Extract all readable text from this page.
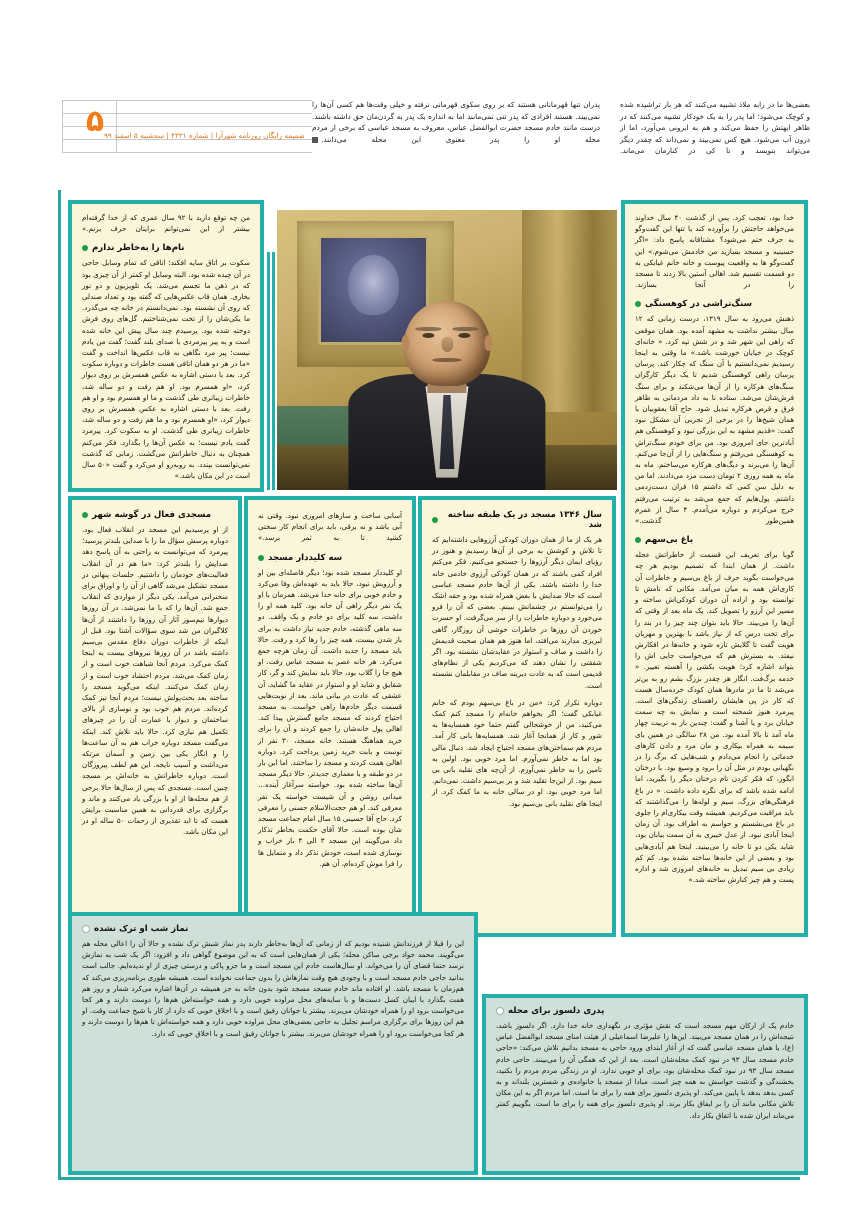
۵ ضمیمه رایگان روزنامه شهرآرا | شماره ۴۳۳۱ | سه‌شنبه ۵ اسفند ۹۹
پدران تنها قهرمانانی هستند که بر روی سکوی قهرمانی نرفته و خیلی وقت‌ها هم کسی آن‌ها را نمی‌بیند. هستند افرادی که پدر تنی نمی‌مانند اما به اندازه یک پدر به گردن‌مان حق داشته باشند. درست مانند خادم مسجد حضرت ابوالفضل عباس، معروف به مسجد عباسی که برخی از مردم محله او را پدر معنوی این محله می‌دانند.
بعضی‌ها ما در رابه ملاذ تشبیه می‌کنند که هر بار تراشیده شده و کوچک می‌شود؛ اما پدر را به یک خودکار تشبیه می‌کنند که در ظاهر ابهتش را حفظ می‌کند و هم به ابرونی می‌آورد، اما از درون آب می‌شود. هیچ کس نمی‌بیند و نمی‌داند که چقدر دیگر می‌تواند بنویسد و تا کی در کنارمان می‌ماند.

من چه توقع دارید با ۹۲ سال عمری که از خدا گرفته‌ام بیشتر از این نمی‌توانم برایتان حرف بزنم.»

نام‌ها را به‌خاطر ندارم

سکوت بر اتاق سایه افکند؛ اتاقی که تمام وسایل حاجی در آن چیده شده بود. البته وسایل او کمتر از آن چیزی بود که در ذهن ما تجسم می‌شد. یک تلویزیون و دو نور بخاری. همان قاب عکس‌هایی که گفته بود و تعداد صندلی که روی آن نشسته بود. نمی‌دانستم در خانه چه می‌گذرد. ما یکی‌شان را از تخت نمی‌شناختیم. گل‌های روی فرش دوخته شده بود. پرسیدم چند سال پیش این خانه شده است و به پیر پیرمردی با صدای بلند گفت؛ گفت من یادم نیست؛ پیر مرد نگاهی به قاب عکس‌ها انداخت و گفت «ما در هر دو همان اتاقی هست خاطرات و دوباره سکوت کرد. بعد با دستی اشاره به عکس همسرش بر روی دیوار کرد، «او همسرم بود. او هم رفت و دو ساله شد، خاطرات زیباتری طی گذشت و ما او همسرم بود و او هم رفت. بعد با دستی اشاره به عکس همسرش بر روی دیوار کرد، «او همسرم بود و ما هم رفت و دو ساله شد، خاطرات زیباتری طی گذشت. او به سکوت کرد. پیرمرد گفت یادم نیست؛ به عکس آن‌ها را بگذارد. فکر می‌کنم همچنان به دنبال خاطراتش می‌گشت. زمانی که گذشت نمی‌توانست بپندد. به روبه‌رو او می‌کرد و گفت «۵۰ سال است در این مکان باشد.»

خدا بود، تعجب کرد. پس از گذشت ۴۰ سال خداوند می‌خواهد حاجتش را برآورده کند یا تنها این گفت‌وگو به حرف ختم می‌شود؟ مشتاقانه پاسخ داد: «اگر حسینیه و مسجد بسازید من خادمش می‌شوم.» این گفت‌وگو ها به واقعیت پیوست و خانه خانم غیابکی به دو قسمت تقسیم شد. اهالی آستین بالا زدند تا مسجد را در آنجا بسازند.

سنگ‌تراشی در کوهسنگی

ذهنش می‌رود به سال ۱۳۱۹، درست زمانی که ۱۲ سال بیشتر نداشت به مشهد آمده بود. همان موقعی که راهی این شهر شد و در شش تپه کرد. « خانه‌ای کوچک در خیابان خورشت باشد.» ما وقتی به اینجا رسیدیم نمی‌دانستیم با آن سنگ که چکار کند. پرسان پرسان راهی کوهسنگی شدیم تا یک دیگر کارگران سنگ‌های هرکاره را از آن‌ها می‌شکند و برای سنگ فرش‌شان می‌شد. ستاده تا به داد مردمانی به ظاهر فرق و قرص هرکاره تبدیل شود. حاج آقا یعقوبیان یا همان شیخ‌ها را در برخی از تجربی آن مشکل نبود گفت: «قدیم مشهد به این بزرگی نبود و کوهسنگی هم آبادترین جای امروزی بود. من برای خودم سنگ‌تراش به کوهسنگی می‌رفتم و سنگ‌هایی را از آن‌جا می‌کنم. آن‌ها را می‌برند و دیگ‌های هرکاره می‌ساختم. ماه به ماه به همه روزی ۲ تومان دست مزد می‌دادند. اما من به دلیل سن کمی که داشتم ۱۵ قران دست‌زدمی داشتم. پول‌هایم که جمع می‌شد به ترتیب می‌رفتم خرج می‌کردم و دوباره می‌آمدم. ۴ سال از عمرم همین‌طور گذشت.»

باغ بی‌سهم

گویا برای تعریف این قسمت از خاطراتش عجله داشت. از همان ابتدا که تصمیم بودیم هر چه می‌خواست بگوید حرف از باغ بی‌سیم و خاطرات آن کاری‌اش همه به میان می‌آمد. مکانی که نامش تا توانسته بود و اراده آن دوران کودکی‌اش ساخته و مسیر این آرزو را تصویل کند. یک ماه بعد از وقتی که آن‌ها را می‌بیند. حالا باید بتوان چند چیز را در بند را برای تخت درس که از نیاز باشد با بهترین و مهربان هویت گفت تا گلایش تازه شود و خانه‌ها در افکارش نیفتد. به بسترش هم که می‌خواست جایی اش را بتواند اشاره کرد؛ هویت بکشی را آهسته تغییر. « خدمه برگ‌فت. انگار هر چقدر بزرگ بشم رو به ین‌تر می‌شد تا ما در مادرها همان کودک خرده‌سال هست که کار در پی هایشان راهستای زندگی‌های است. پیرمرد هنوز شمخته است و نمایش به چه سمت خیابان برد و یا آشنا و گفت: چندین بار به تربیت چهار ماه آمد تا بالا آمده بود. من ۲۸ سالگی در همین بای سیمه به همراه بیکاری و مان مرد و دادن کارهای خدماتی را انجام می‌دادم و شب‌هایی که برگ را در نگهبانی بودم در مثل آن را برود و وسیع بود. با درختان انگور، که فکر کردن تام درختان دیگر را بگیرید، اما ادامه شده باشد که برای نگره داده داشت. « در باغ فرهنگی‌های بزرگ، سیم و لوله‌ها را می‌گذاشتند که باید مراقبت می‌کردیم. همیشه وقت بیکاری‌ام را جلوی در باغ می‌نشستم و حواسم به اطراف بود. آن زمان اینجا آبادی نبود. از عدل خیبری به آن سمت بیابان بود، شاید یکی دو تا خانه را می‌بینید. اینجا هم آبادی‌هایی بود و بعضی از این خانه‌ها ساخته نشده بود. کم کم زیادی بی سیم تبدیل به خانه‌های امروزی شد و اداره پست‌ و هم چیز کنارش ساخته شد.»

سال ۱۳۴۶ مسجد در یک طبقه ساخته شد

هر یک از ما از همان دوران کودکی آرزوهایی داشته‌ایم که تا تلاش و کوشش به برخی از آن‌ها رسیدیم و هنوز در رؤیای ایمان دیگر آرزوها را جستجو می‌کنیم. فکر می‌کنم افراد کمی باشند که در همان کودکی آرزوی خادمی خانه خدا را داشته باشند. یکی از آن‌ها خادم مسجد عباسی است که حالا صدایش با بغض همراه شده بود و حقه اشک را می‌توانستم در چشمانش ببینم. بعضی که آن را فرو می‌خورد و دوباره خاطرات را از سر می‌گرفت. او حسرت خوردن آن روزها در خاطرات خوشی آن روزگار، گاهی لبریزی مدارند می‌افتد، اما هنوز هم همان صحبت قدیمش را داشت و صاف و استوار در عقایدشان نشسته بود. اگر شفقتی را نشان دهند که می‌کردیم یکی از نظام‌های قدیمی است که به عادت دیرینه صاف در مقابلمان نشسته است.

دوباره تکرار کرد: «من در باغ بی‌سهم بودم که خانم غیابکی گفت؛ اگر بخواهم خانه‌ام را مسجد کنم کمک می‌کنید، من از خوشحالی گفتم حتما خود همسایه‌ها به شور و کار از همانجا آغاز شد. همسایه‌ها بانی کار آمد. مردم هم سماختن‌های مسجد احتیاج ایجاد شد. دنبال مالی بود اما به خاطر نمی‌آورم. اما مرد خوبی بود. اولین به تامین را به خاطر نمی‌آورم. از آن‌چه های نقلیه بانی بی سیم بود. از این‌جا تقلید شد و بر بی‌سیم داشت. نمی‌دانم. اما مرد خوبی بود. او در سالی خانه به ما کمک کرد. از اینجا های نقلید بانی بی‌سیم بود.

آسانی ساخت و سازهای امروزی نبود. وقتی نه آبی باشد و نه برقی، باید برای انجام کار سختی کشید تا به ثمر برسد.»

سه کلیددار مسجد

او کلیددار مسجد شده بود؛ دیگر فاصله‌ای بین او و آرزویش نبود، حالا باید به عهده‌اش وفا می‌کرد و خادم خوبی برای خانه خدا می‌شد. همزمان با او یک نفر دیگر راهی آن خانه بود. کلید همه او را داشت، سه کلید برای دو خادم و یک واقف. دو سه ماهی گذشته، خادم جدید نیاز داشت به برای باز شدن بیست، همه چیز را رها کرد و رفت. حالا باید مسجد را جدید داشت. آن زمان هرچه جمع می‌کرد. هر خانه عصر به مسجد عباس رفت. او هیچ جا را گلاب بود، حالا باید نمایش کند و گر، کار شقایق و شاید او و استوار در عقاید ما گشاید، آن عشقی که عادت در بیانی ماند. بعد از نوبت‌هایی قسمت دیگر خادم‌ها راهی خواست. به مسجد احتیاج کردند که مسجد جامع گسترش پیدا کند. اهالی پول خانه‌شان را جمع کردند و آن را برای خرید هماهنگ هستند. خانه مسجد، ۳۰ نفر از توست و بابت خرید زمین پرداخت کرد. دوباره اهالی همت کردند و مسجد را ساختند. اما این بار در دو طبقه و با معماری جدیدتر. حالا دیگر مسجد آن‌ها ساخته شده بود. خواسته سرآغاز آینده… میدانی روشن و آن شیست خواسته یک نفر معرفی کند. او هم حجت‌الاسلام حسنی را معرفی کرد. حاج آقا حسینی ۱۵ سال امام جماعت مسجد شان بوده است. حالا آقای حکمت بخاطر تذکار داد می‌گویند این مسجد ۳ الی ۴ بار خراب و نوسازی شده است، خودش تذکر داد و متمایل ها را فرا موش کرده‌ام، آن هم.

مسجدی فعال در گوشه شهر

از او پرسیدیم این مسجد در انقلاب فعال بود. دوباره پرسش سؤال ما را با صدایی بلندتر پرسید؛ پیرمرد که می‌توانست به راحتی به آن پاسخ دهد صدایش را بلندتر کرد: «ما هم در آن انقلاب فعالیت‌های خودمان را داشتیم. جلسات پنهانی در مسجد تشکیل می‌شد گاهی از آن را و اوراق برای سخنرانی می‌آمد. یکی دیگر از مواردی که انقلاب جمع شد. آن‌ها را که با ما نمی‌شد. در آن روزها دیوارها نیم‌سوز آثار آن روزها را داشتند از آن‌ها کلاگیران من شد سوی سؤالات آشنا بود. قبل از اینکه از خاطرات دوران دفاع مقدس بی‌سیم داشته باشد در آن روزها نیرو‌های بیست‌ به اینجا کمک می‌کرد. مردم آنجا شباهت خوب است و از زمان کمک می‌شد. مردم احتشاد خوب است و از زمان کمک می‌کنند. اینکه می‌گوید مسجد را ساخته بعد بحث‌پولش نیست؛ مردم آنجا نیز کمک کرده‌اند. مردم هم خوب بود و نوسازی از بالای ساختمان و دیوار با عمارت آن را در چیزهای تکمیل هم نیازی کرد. حالا باید تلاش کند. اینکه می‌گفت مسجد دوباره خراب هم به آن ساعت‌ها را و انگار یکی بین زمین و آسمان مرتکه می‌داشت و آسیب نایجه. این هم لطف پیروزگان است. دوباره خاطراتش به خانه‌اش بر مسجد چنین است. مسجدی که پس از سال‌ها حالا برخی از هم محله‌ها از او با بزرگی یاد می‌کنند و ماند و برگزاری برای قدردانی به همین مناسبت برایش هست که تا ابد تقدیری از زحمات ۵۰ ساله او در این مکان باشد.

نماز شب او ترک نشده

این را قبلا از فرزندانش شنیده بودیم که از زمانی که آن‌ها به‌خاطر دارند پدر نماز شبش ترک نشده و حالا آن را اعالی محله هم می‌گویند. محمد جواد برجی ساکن محله؛ یکی از همان‌هایی است که به این موضوع گواهی داد و افزود: اگر یک شب به نمازش نرسد حتما قضای آن را می‌خواند. او سال‌هاست خادم این مسجد است و ما جزو پاکی و درستی چیزی از او ندیده‌ایم. جالب است بدانید حاجی خادم مسجد است و با وجودی هیچ وقت نمازهاش را بدون جماعت نخوانده است. همیشه طوری برنامه‌ریزی می‌کند که هم‌زمان با مسجد باشد. او افتاده ماند خادم مسجد مسجد شود بدون خانه به جز همیشه در آن‌ها اشاره می‌کرد شمار و روز هم همت بگذارد با ایبان کسل دست‌ها و با سایه‌های محل مراوده خوبی دارد و همه خواسته‌اش هم‌ها را دوست دارند و هر کجا می‌خواست برود او را همراه خودشان می‌برند. بیشتر یا جوانان رفیق است و با اخلاق خوبی که دارد از کار با شیخ جماعت وقت. او هم این روزها برای برگزاری مراسم تجلیل به حاجی بعضی‌های محل مراوده خوبی دارد و همه خواسته‌اش تا هم‌ها را دوست دارند و هر کجا می‌خواست برود او را همراه خودشان می‌برند. بیشتر با جوانان رفیق است و با اخلاق خوبی که دارد.

پدری دلسوز برای محله

خادم یک از ارکان مهم مسجد است که نقش مؤثری در نگهداری خانه خدا دارد. اگر دلسوز باشد، نتیجه‌اش را در همان مسجد می‌بیند. این‌ها را علیرضا اسماعیلی از هیئت امنای مسجد ابوالفضل عباس (ع)، یا همان مسجد عباسی گفت که از آغاز ابتدای ورود حاجی به مسجد بدانیم تلاش می‌کند: «حاجی خادم مسجد سال ۹۳ در نبود کمک محله‌شان است. بعد از این که همگی آن را می‌بینند. حاجی خادم مسجد سال ۹۳ در نبود کمک محله‌شان بود، برای او خوبی ندارد. او در زندگی مردم مردم را بکنید، بخشندگی و گذشت حواسش به همه چیز است. مبادا از مسجد یا خانواده‌ی و شسترین بلنداند و به کسی بدهد بدهد با پایین می‌کند. او پذیری دلسوز برای همه را برای ما است. اما مردم اگر به این مکان تلاش مکانی مانند آن را بر ایفاق بکار برند. او پذیری دلسوز برای همه را برای ما است. بگوییم کمتر می‌ماند ایران شده با اتفاق بکار داد.
